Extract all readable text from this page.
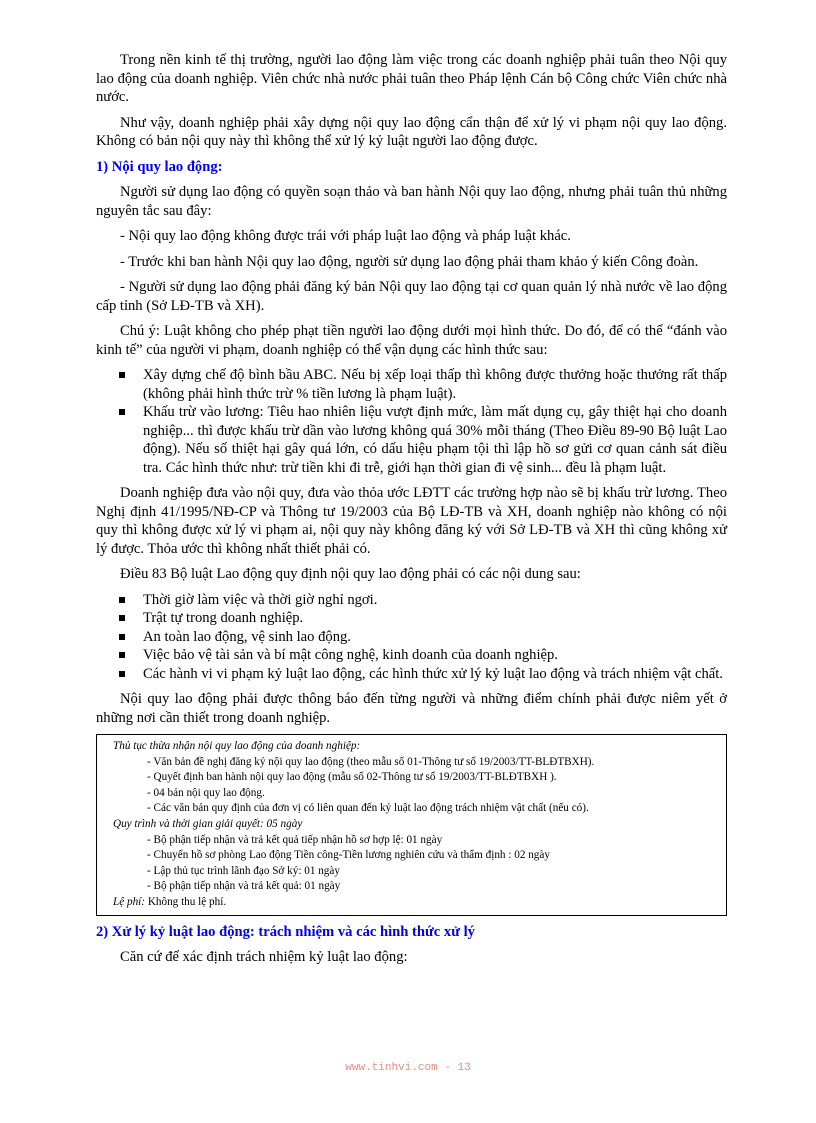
Trong nền kinh tế thị trường, người lao động làm việc trong các doanh nghiệp phải tuân theo Nội quy lao động của doanh nghiệp. Viên chức nhà nước phải tuân theo Pháp lệnh Cán bộ Công chức Viên chức nhà nước.

Như vậy, doanh nghiệp phải xây dựng nội quy lao động cẩn thận để xử lý vi phạm nội quy lao động. Không có bản nội quy này thì không thể xử lý kỷ luật người lao động được.

1) Nội quy lao động:

Người sử dụng lao động có quyền soạn thảo và ban hành Nội quy lao động, nhưng phải tuân thủ những nguyên tắc sau đây:

- Nội quy lao động không được trái với pháp luật lao động và pháp luật khác.

- Trước khi ban hành Nội quy lao động, người sử dụng lao động phải tham khảo ý kiến Công đoàn.

- Người sử dụng lao động phải đăng ký bản Nội quy lao động tại cơ quan quản lý nhà nước về lao động cấp tỉnh (Sở LĐ-TB và XH).

Chú ý: Luật không cho phép phạt tiền người lao động dưới mọi hình thức. Do đó, để có thể “đánh vào kinh tế” của người vi phạm, doanh nghiệp có thể vận dụng các hình thức sau:

Xây dựng chế độ bình bầu ABC. Nếu bị xếp loại thấp thì không được thưởng hoặc thưởng rất thấp (không phải hình thức trừ % tiền lương là phạm luật).
Khấu trừ vào lương: Tiêu hao nhiên liệu vượt định mức, làm mất dụng cụ, gây thiệt hại cho doanh nghiệp... thì được khấu trừ dần vào lương không quá 30% mỗi tháng (Theo Điều 89-90 Bộ luật Lao động). Nếu số thiệt hại gây quá lớn, có dấu hiệu phạm tội thì lập hồ sơ gửi cơ quan cảnh sát điều tra. Các hình thức như: trừ tiền khi đi trễ, giới hạn thời gian đi vệ sinh... đều là phạm luật.

Doanh nghiệp đưa vào nội quy, đưa vào thỏa ước LĐTT các trường hợp nào sẽ bị khấu trừ lương. Theo Nghị định 41/1995/NĐ-CP và Thông tư 19/2003 của Bộ LĐ-TB và XH, doanh nghiệp nào không có nội quy thì không được xử lý vi phạm ai, nội quy này không đăng ký với Sở LĐ-TB và XH thì cũng không xử lý được. Thỏa ước thì không nhất thiết phải có.

Điều 83 Bộ luật Lao động quy định nội quy lao động phải có các nội dung sau:

Thời giờ làm việc và thời giờ nghỉ ngơi.
Trật tự trong doanh nghiệp.
An toàn lao động, vệ sinh lao động.
Việc bảo vệ tài sản và bí mật công nghệ, kinh doanh của doanh nghiệp.
Các hành vi vi phạm kỷ luật lao động, các hình thức xử lý kỷ luật lao động và trách nhiệm vật chất.

Nội quy lao động phải được thông báo đến từng người và những điểm chính phải được niêm yết ở những nơi cần thiết trong doanh nghiệp.

Thủ tục thừa nhận nội quy lao động của doanh nghiệp:
- Văn bản đề nghị đăng ký nội quy lao động (theo mẫu số 01-Thông tư số 19/2003/TT-BLĐTBXH).
- Quyết định ban hành nội quy lao động (mẫu số 02-Thông tư số 19/2003/TT-BLĐTBXH ).
- 04 bản nội quy lao động.
- Các văn bản quy định của đơn vị có liên quan đến kỷ luật lao động trách nhiệm vật chất (nếu có).
Quy trình và thời gian giải quyết: 05 ngày
- Bộ phận tiếp nhận và trả kết quả tiếp nhận hồ sơ hợp lệ: 01 ngày
- Chuyển hồ sơ phòng Lao động Tiền công-Tiền lương nghiên cứu và thẩm định : 02 ngày
- Lập thủ tục trình lãnh đạo Sở ký: 01 ngày
- Bộ phận tiếp nhận và trả kết quả: 01 ngày
Lệ phí: Không thu lệ phí.
2) Xử lý kỷ luật lao động: trách nhiệm và các hình thức xử lý

Căn cứ để xác định trách nhiệm kỷ luật lao động:

www.tinhvi.com - 13
